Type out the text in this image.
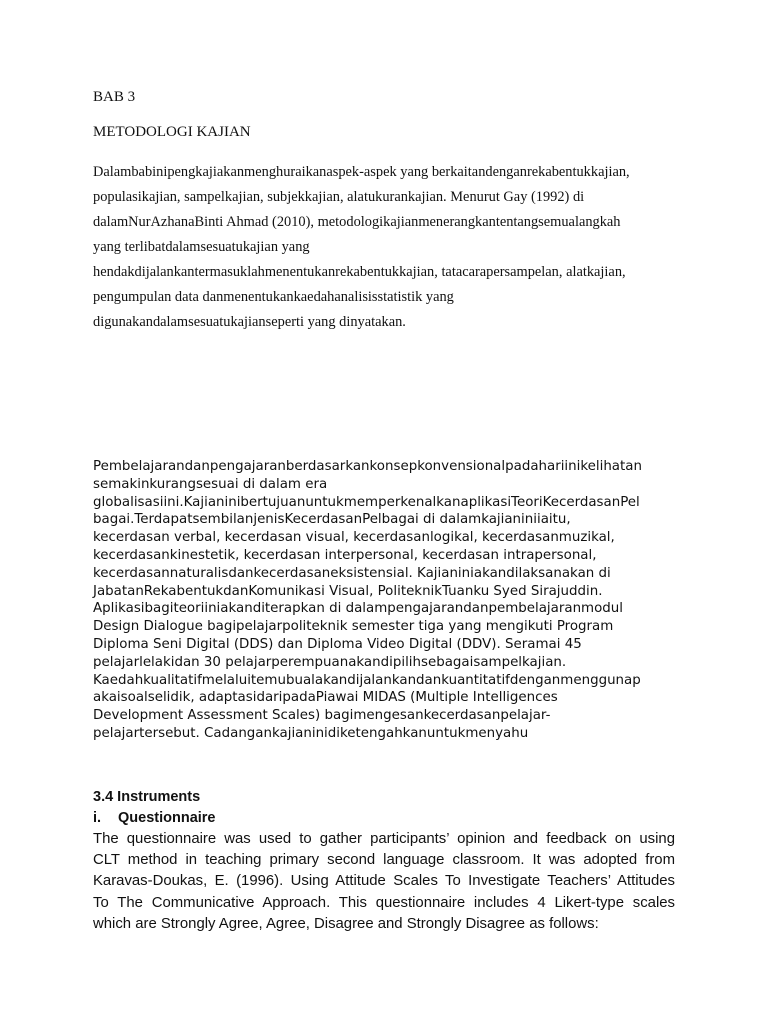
BAB 3
METODOLOGI KAJIAN
Dalambabinipengkajiakanmenghuraikanaspek-aspek yang berkaitandenganrekabentukkajian,
populasikajian, sampelkajian, subjekkajian, alatukurankajian. Menurut Gay (1992) di
dalamNurAzhanaBinti Ahmad (2010), metodologikajianmenerangkantentangsemualangkah
yang terlibatdalamsesuatukajian yang
hendakdijalankantermasuklahmenentukanrekabentukkajian, tatacarapersampelan, alatkajian,
pengumpulan data danmenentukankaedahanalisisstatistik yang
digunakandalamsesuatukajianseperti yang dinyatakan.
Pembelajarandanpengajaranberdasarkankonsepkonvensionalpadahariinikelihatan
semakinkurangsesuai di dalam era
globalisasiini.KajianinibertujuanuntukmemperkenalkanaplikasiTeoriKecerdasanPel
bagai.TerdapatsembilanjenisKecerdasanPelbagai di dalamkajianiniiaitu,
kecerdasan verbal, kecerdasan visual, kecerdasanlogikal, kecerdasanmuzikal,
kecerdasankinestetik, kecerdasan interpersonal, kecerdasan intrapersonal,
kecerdasannaturalisdankecerdasaneksistensial. Kajianiniakandilaksanakan di
JabatanRekabentukdanKomunikasi Visual, PoliteknikTuanku Syed Sirajuddin.
Aplikasibagiteoriiniakanditerapkan di dalampengajarandanpembelajaranmodul
Design Dialogue bagipelajarpoliteknik semester tiga yang mengikuti Program
Diploma Seni Digital (DDS) dan Diploma Video Digital (DDV). Seramai 45
pelajarlelakidan 30 pelajarperempuanakandipilihsebagaisampelkajian.
Kaedahkualitatifmelaluitemubualakandijalankandankuantitatifdenganmenggunap
akaisoalselidik, adaptasidaripadaPiawai MIDAS (Multiple Intelligences
Development Assessment Scales) bagimengesankecerdasanpelajar-
pelajartersebut. Cadangankajianinidiketengahkanuntukmenyahu
3.4 Instruments
i. Questionnaire
The questionnaire was used to gather participants’ opinion and feedback on using
CLT method in teaching primary second language classroom. It was adopted from
Karavas-Doukas, E. (1996). Using Attitude Scales To Investigate Teachers’ Attitudes
To The Communicative Approach. This questionnaire includes 4 Likert-type scales
which are Strongly Agree, Agree, Disagree and Strongly Disagree as follows:
